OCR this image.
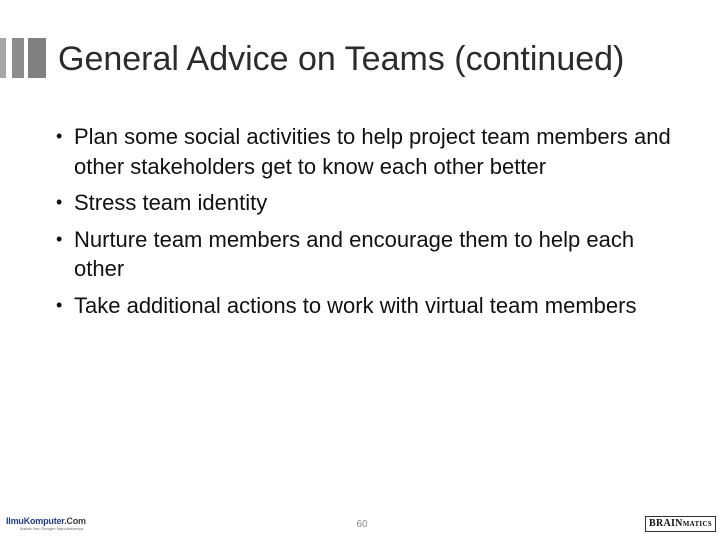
General Advice on Teams (continued)
• Plan some social activities to help project team members and other stakeholders get to know each other better
• Stress team identity
• Nurture team members and encourage them to help each other
• Take additional actions to work with virtual team members
IlmuKomputer.Com
Ikatlah Ilmu Dengan Menuliskannya	60	BRAINMATICS
